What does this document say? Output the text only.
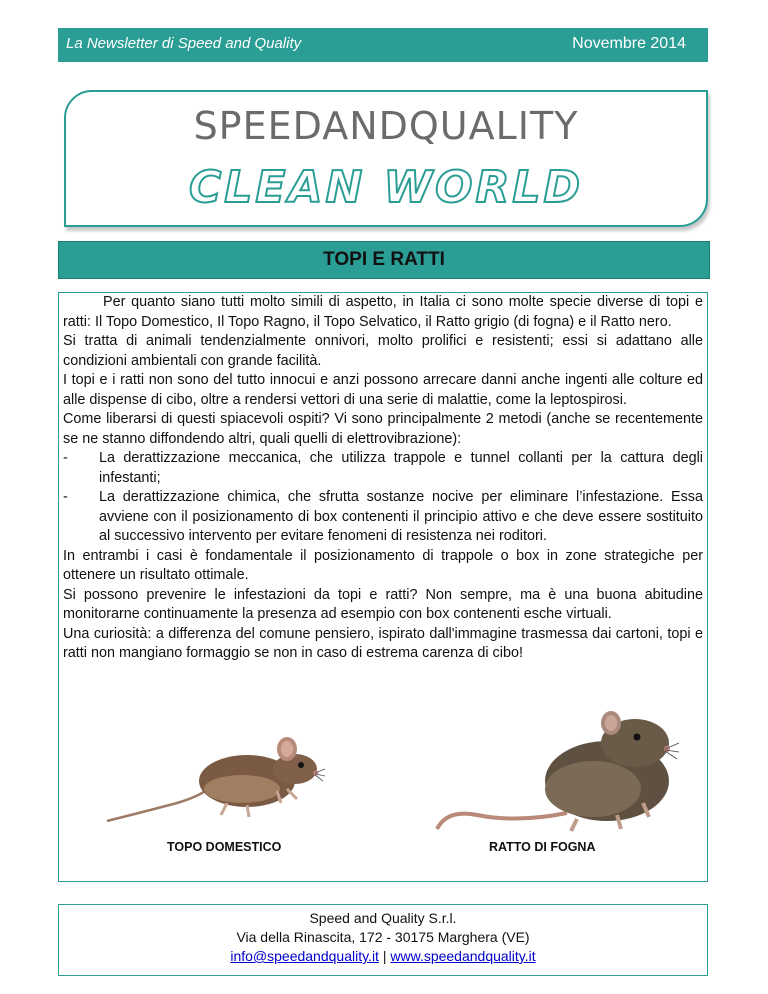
La Newsletter di Speed and Quality	Novembre 2014
SPEEDANDQUALITY
CLEAN WORLD
TOPI E RATTI

Per quanto siano tutti molto simili di aspetto, in Italia ci sono molte specie diverse di topi e ratti: Il Topo Domestico, Il Topo Ragno, il Topo Selvatico, il Ratto grigio (di fogna) e il Ratto nero.

Si tratta di animali tendenzialmente onnivori, molto prolifici e resistenti; essi si adattano alle condizioni ambientali con grande facilità.

I topi e i ratti non sono del tutto innocui e anzi possono arrecare danni anche ingenti alle colture ed alle dispense di cibo, oltre a rendersi vettori di una serie di malattie, come la leptospirosi.

Come liberarsi di questi spiacevoli ospiti? Vi sono principalmente 2 metodi (anche se recentemente se ne stanno diffondendo altri, quali quelli di elettrovibrazione):

-	La derattizzazione meccanica, che utilizza trappole e tunnel collanti per la cattura degli infestanti;
-	La derattizzazione chimica, che sfrutta sostanze nocive per eliminare l’infestazione. Essa avviene con il posizionamento di box contenenti il principio attivo e che deve essere sostituito al successivo intervento per evitare fenomeni di resistenza nei roditori.

In entrambi i casi è fondamentale il posizionamento di trappole o box in zone strategiche per ottenere un risultato ottimale.

Si possono prevenire le infestazioni da topi e ratti? Non sempre, ma è una buona abitudine monitorarne continuamente la presenza ad esempio con box contenenti esche virtuali.

Una curiosità: a differenza del comune pensiero, ispirato dall'immagine trasmessa dai cartoni, topi e ratti non mangiano formaggio se non in caso di estrema carenza di cibo!

TOPO DOMESTICO	RATTO DI FOGNA
Speed and Quality S.r.l.
Via della Rinascita, 172 - 30175 Marghera (VE)
info@speedandquality.it | www.speedandquality.it
